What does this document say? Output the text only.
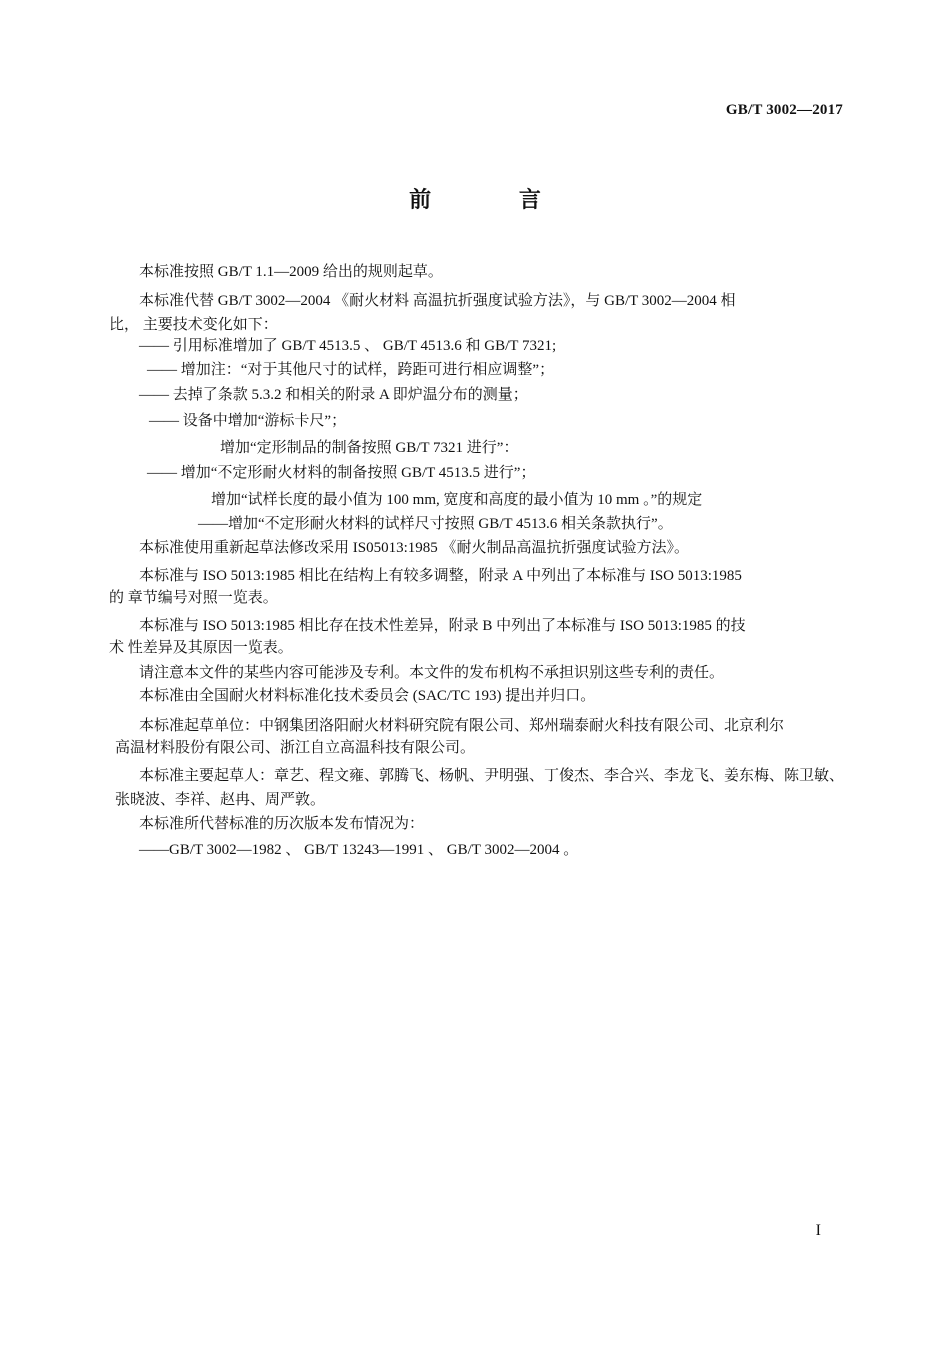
GB/T 3002—2017
前 言
本标准按照 GB/T 1.1—2009 给出的规则起草。
本标准代替 GB/T 3002—2004 《耐火材料 高温抗折强度试验方法》，与 GB/T 3002—2004 相
比， 主要技术变化如下：
—— 引用标准增加了 GB/T 4513.5 、 GB/T 4513.6 和 GB/T 7321;
—— 增加注：“对于其他尺寸的试样，跨距可进行相应调整”；
—— 去掉了条款 5.3.2 和相关的附录 A 即炉温分布的测量；
—— 设备中增加“游标卡尺”；
增加“定形制品的制备按照 GB/T 7321 进行”：
—— 增加“不定形耐火材料的制备按照 GB/T 4513.5 进行”；
增加“试样长度的最小值为 100 mm, 宽度和高度的最小值为 10 mm 。”的规定
——增加“不定形耐火材料的试样尺寸按照 GB/T 4513.6 相关条款执行”。
本标准使用重新起草法修改采用 IS05013:1985 《耐火制品高温抗折强度试验方法》。
本标准与 ISO 5013:1985 相比在结构上有较多调整，附录 A 中列出了本标准与 ISO 5013:1985
的 章节编号对照一览表。
本标准与 ISO 5013:1985 相比存在技术性差异，附录 B 中列出了本标准与 ISO 5013:1985 的技
术 性差异及其原因一览表。
请注意本文件的某些内容可能涉及专利。本文件的发布机构不承担识别这些专利的责任。
本标准由全国耐火材料标准化技术委员会 (SAC/TC 193) 提出并归口。
本标准起草单位：中钢集团洛阳耐火材料研究院有限公司、郑州瑞泰耐火科技有限公司、北京利尔
高温材料股份有限公司、浙江自立高温科技有限公司。
本标准主要起草人：章艺、程文雍、郭腾飞、杨帆、尹明强、丁俊杰、李合兴、李龙飞、姜东梅、陈卫敏、
张晓波、李祥、赵冉、周严敦。
本标准所代替标准的历次版本发布情况为：
——GB/T 3002—1982 、 GB/T 13243—1991 、 GB/T 3002—2004 。
I
